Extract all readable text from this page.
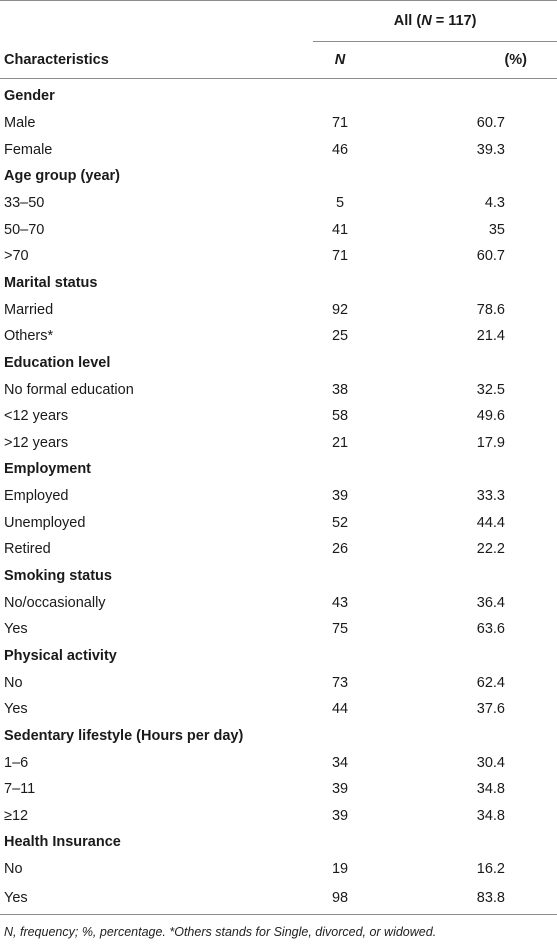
	All (N = 117)	
Characteristics	N	(%)
Gender		
Male	71	60.7
Female	46	39.3
Age group (year)		
33–50	5	4.3
50–70	41	35
>70	71	60.7
Marital status		
Married	92	78.6
Others*	25	21.4
Education level		
No formal education	38	32.5
<12 years	58	49.6
>12 years	21	17.9
Employment		
Employed	39	33.3
Unemployed	52	44.4
Retired	26	22.2
Smoking status		
No/occasionally	43	36.4
Yes	75	63.6
Physical activity		
No	73	62.4
Yes	44	37.6
Sedentary lifestyle (Hours per day)		
1–6	34	30.4
7–11	39	34.8
≥12	39	34.8
Health Insurance		
No	19	16.2
Yes	98	83.8
N, frequency; %, percentage. *Others stands for Single, divorced, or widowed.
